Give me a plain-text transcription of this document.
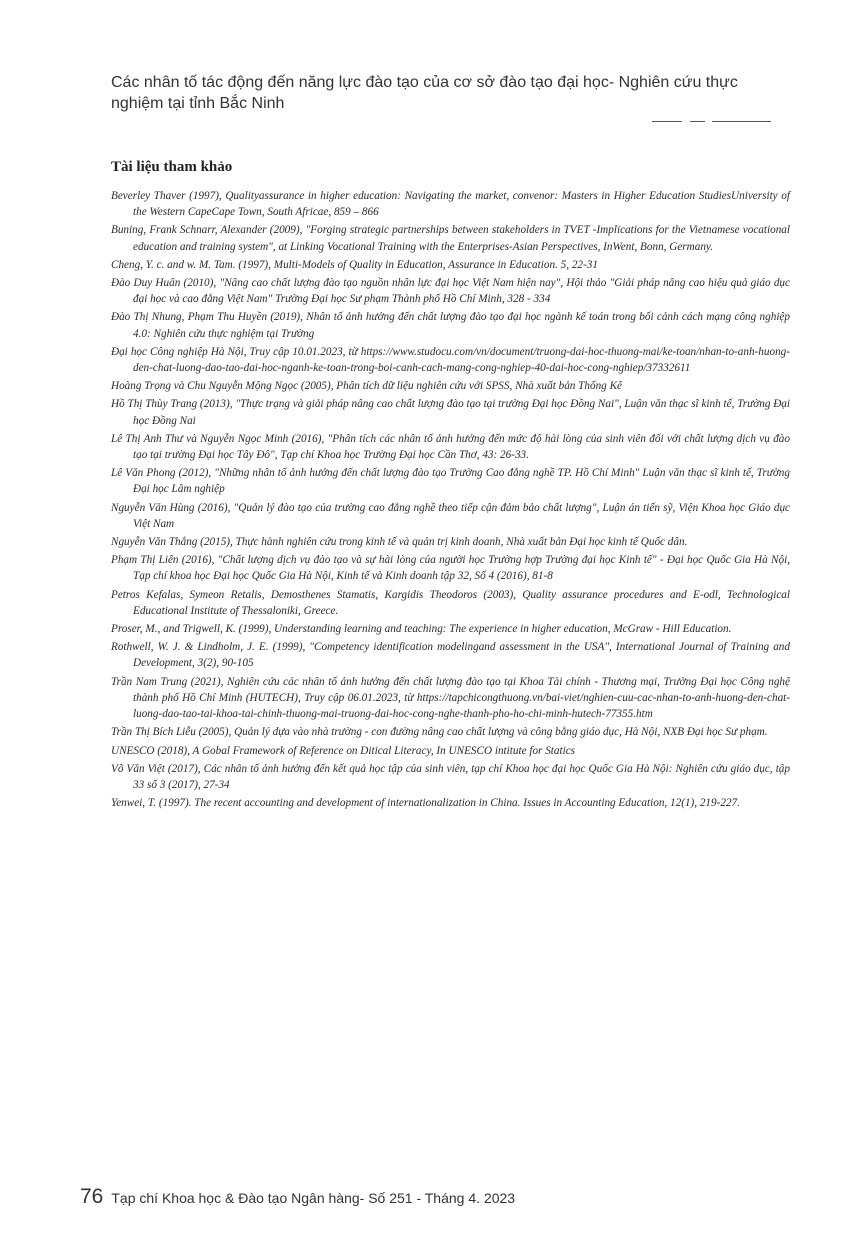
Các nhân tố tác động đến năng lực đào tạo của cơ sở đào tạo đại học- Nghiên cứu thực nghiệm tại tỉnh Bắc Ninh
Tài liệu tham khảo

Beverley Thaver (1997), Qualityassurance in higher education: Navigating the market, convenor: Masters in Higher Education StudiesUniversity of the Western CapeCape Town, South Africae, 859 – 866

Buning, Frank Schnarr, Alexander (2009), "Forging strategic partnerships between stakeholders in TVET -Implications for the Vietnamese vocational education and training system", at Linking Vocational Training with the Enterprises-Asian Perspectives, InWent, Bonn, Germany.

Cheng, Y. c. and w. M. Tam. (1997), Multi-Models of Quality in Education, Assurance in Education. 5, 22-31

Đào Duy Huân (2010), "Nâng cao chất lượng đào tạo nguồn nhân lực đại học Việt Nam hiện nay", Hội thảo "Giải pháp nâng cao hiệu quả giáo dục đại học và cao đẳng Việt Nam" Trường Đại học Sư phạm Thành phố Hồ Chí Minh, 328 - 334

Đào Thị Nhung, Phạm Thu Huyền (2019), Nhân tố ảnh hưởng đến chất lượng đào tạo đại học ngành kế toán trong bối cảnh cách mạng công nghiệp 4.0: Nghiên cứu thực nghiệm tại Trường

Đại học Công nghiệp Hà Nội, Truy cập 10.01.2023, từ https://www.studocu.com/vn/document/truong-dai-hoc-thuong-mai/ke-toan/nhan-to-anh-huong-den-chat-luong-dao-tao-dai-hoc-nganh-ke-toan-trong-boi-canh-cach-mang-cong-nghiep-40-dai-hoc-cong-nghiep/37332611

Hoàng Trọng và Chu Nguyễn Mộng Ngọc (2005), Phân tích dữ liệu nghiên cứu với SPSS, Nhà xuất bản Thống Kê

Hồ Thị Thùy Trang (2013), "Thực trạng và giải pháp nâng cao chất lượng đào tạo tại trường Đại học Đồng Nai", Luận văn thạc sĩ kinh tế, Trường Đại học Đồng Nai

Lê Thị Anh Thư và Nguyễn Ngọc Minh (2016), "Phân tích các nhân tố ảnh hưởng đến mức độ hài lòng của sinh viên đối với chất lượng dịch vụ đào tạo tại trường Đại học Tây Đô", Tạp chí Khoa học Trường Đại học Cần Thơ, 43: 26-33.

Lê Văn Phong (2012), "Những nhân tố ảnh hưởng đến chất lượng đào tạo Trường Cao đẳng nghề TP. Hồ Chí Minh" Luận văn thạc sĩ kinh tế, Trường Đại học Lâm nghiệp

Nguyễn Văn Hùng (2016), "Quản lý đào tạo của trường cao đẳng nghề theo tiếp cận đảm bảo chất lượng", Luận án tiến sỹ, Viện Khoa học Giáo dục Việt Nam

Nguyễn Văn Thắng (2015), Thực hành nghiên cứu trong kinh tế và quản trị kinh doanh, Nhà xuất bản Đại học kinh tế Quốc dân.

Phạm Thị Liên (2016), "Chất lượng dịch vụ đào tạo và sự hài lòng của người học Trường hợp Trường đại học Kinh tế" - Đại học Quốc Gia Hà Nội, Tạp chí khoa học Đại học Quốc Gia Hà Nội, Kinh tế và Kinh doanh tập 32, Số 4 (2016), 81-8

Petros Kefalas, Symeon Retalis, Demosthenes Stamatis, Kargidis Theodoros (2003), Quality assurance procedures and E-odl, Technological Educational Institute of Thessaloniki, Greece.

Proser, M., and Trigwell, K. (1999), Understanding learning and teaching: The experience in higher education, McGraw - Hill Education.

Rothwell, W. J. & Lindholm, J. E. (1999), "Competency identification modelingand assessment in the USA", International Journal of Training and Development, 3(2), 90-105

Trần Nam Trung (2021), Nghiên cứu các nhân tố ảnh hưởng đến chất lượng đào tạo tại Khoa Tài chính - Thương mại, Trường Đại học Công nghệ thành phố Hồ Chí Minh (HUTECH), Truy cập 06.01.2023, từ https://tapchicongthuong.vn/bai-viet/nghien-cuu-cac-nhan-to-anh-huong-den-chat-luong-dao-tao-tai-khoa-tai-chinh-thuong-mai-truong-dai-hoc-cong-nghe-thanh-pho-ho-chi-minh-hutech-77355.htm

Trần Thị Bích Liễu (2005), Quản lý dựa vào nhà trường - con đường nâng cao chất lượng và công bằng giáo dục, Hà Nội, NXB Đại học Sư phạm.

UNESCO (2018), A Gobal Framework of Reference on Ditical Literacy, In UNESCO intitute for Statics

Võ Văn Việt (2017), Các nhân tố ảnh hưởng đến kết quả học tập của sinh viên, tạp chí Khoa học đại học Quốc Gia Hà Nội: Nghiên cứu giáo dục, tập 33 số 3 (2017), 27-34

Yenwei, T. (1997). The recent accounting and development of internationalization in China. Issues in Accounting Education, 12(1), 219-227.

76 Tạp chí Khoa học & Đào tạo Ngân hàng- Số 251 - Tháng 4. 2023
